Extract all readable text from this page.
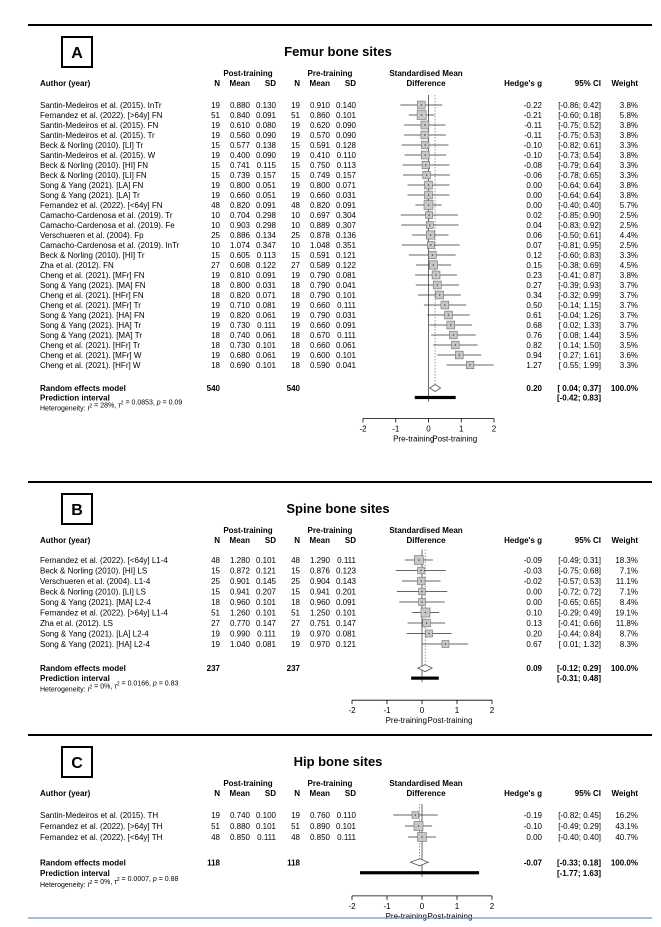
A	Femur bone sites
Post-training	Pre-training	Standardised Mean
Difference
Author (year)	N Mean SD N Mean SD	Hedge's g	95% CI Weight
Santin-Medeiros et al. (2015). InTr	19 0.880 0.130 19 0.910 0.140	-0.22 [-0.86; 0.42] 3.8%
Fernandez et al. (2022). [>64y] FN	51 0.840 0.091 51 0.860 0.101	-0.21 [-0.60; 0.18] 5.8%
Santin-Medeiros et al. (2015). FN	19 0.610 0.080 19 0.620 0.090	-0.11 [-0.75; 0.52] 3.8%
Santin-Medeiros et al. (2015). Tr	19 0.560 0.090 19 0.570 0.090	-0.11 [-0.75; 0.53] 3.8%
Beck & Norling (2010). [LI] Tr	15 0.577 0.138 15 0.591 0.128	-0.10 [-0.82; 0.61] 3.3%
Santin-Medeiros et al. (2015). W	19 0.400 0.090 19 0.410 0.110	-0.10 [-0.73; 0.54] 3.8%
Beck & Norling (2010). [HI] FN	15 0.741 0.115 15 0.750 0.113	-0.08 [-0.79; 0.64] 3.3%
Beck & Norling (2010). [LI] FN	15 0.739 0.157 15 0.749 0.157	-0.06 [-0.78; 0.65] 3.3%
Song & Yang (2021). [LA] FN	19 0.800 0.051 19 0.800 0.071	0.00 [-0.64; 0.64] 3.8%
Song & Yang (2021). [LA] Tr	19 0.660 0.051 19 0.660 0.031	0.00 [-0.64; 0.64] 3.8%
Fernandez et al. (2022). [<64y] FN	48 0.820 0.091 48 0.820 0.091	0.00 [-0.40; 0.40] 5.7%
Camacho-Cardenosa et al. (2019). Tr	10 0.704 0.298 10 0.697 0.304	0.02 [-0.85; 0.90] 2.5%
Camacho-Cardenosa et al. (2019). Fe	10 0.903 0.298 10 0.889 0.307	0.04 [-0.83; 0.92] 2.5%
Verschueren et al. (2004). Fp	25 0.886 0.134 25 0.878 0.136	0.06 [-0.50; 0.61] 4.4%
Camacho-Cardenosa et al. (2019). InTr	10 1.074 0.347 10 1.048 0.351	0.07 [-0.81; 0.95] 2.5%
Beck & Norling (2010). [HI] Tr	15 0.605 0.113 15 0.591 0.121	0.12 [-0.60; 0.83] 3.3%
Zha et al. (2012). FN	27 0.608 0.122 27 0.589 0.122	0.15 [-0.38; 0.69] 4.5%
Cheng et al. (2021). [MFr] FN	19 0.810 0.091 19 0.790 0.081	0.23 [-0.41; 0.87] 3.8%
Song & Yang (2021). [MA] FN	18 0.800 0.031 18 0.790 0.041	0.27 [-0.39; 0.93] 3.7%
Cheng et al. (2021). [HFr] FN	18 0.820 0.071 18 0.790 0.101	0.34 [-0.32; 0.99] 3.7%
Cheng et al. (2021). [MFr] Tr	19 0.710 0.081 19 0.660 0.111	0.50 [-0.14; 1.15] 3.7%
Song & Yang (2021). [HA] FN	19 0.820 0.061 19 0.790 0.031	0.61 [-0.04; 1.26] 3.7%
Song & Yang (2021). [HA] Tr	19 0.730 0.111 19 0.660 0.091	0.68 [ 0.02; 1.33] 3.7%
Song & Yang (2021). [MA] Tr	18 0.740 0.061 18 0.670 0.111	0.76 [ 0.08; 1.44] 3.5%
Cheng et al. (2021). [HFr] Tr	18 0.730 0.101 18 0.660 0.061	0.82 [ 0.14; 1.50] 3.5%
Cheng et al. (2021). [MFr] W	19 0.680 0.061 19 0.600 0.101	0.94 [ 0.27; 1.61] 3.6%
Cheng et al. (2021). [HFr] W	18 0.690 0.101 18 0.590 0.041	1.27 [ 0.55; 1.99] 3.3%
Random effects model	540	540	0.20 [ 0.04; 0.37] 100.0%
Prediction interval	[-0.42; 0.83]
Heterogeneity: $I^2 = 28\%$, $\tau^2 = 0.0853$, p = 0.09
-2	-1	0	1	2
Pre-training
Post-training
B	Spine bone sites
Post-training	Pre-training	Standardised Mean
Difference
Author (year)	N Mean SD N Mean SD	Hedge's g	95% CI Weight
Fernandez et al. (2022). [<64y] L1-4	48 1.280 0.101 48 1.290 0.111	-0.09 [-0.49; 0.31] 18.3%
Beck & Norling (2010). [HI] LS	15 0.872 0.121 15 0.876 0.123	-0.03 [-0.75; 0.68] 7.1%
Verschueren et al. (2004). L1-4	25 0.901 0.145 25 0.904 0.143	-0.02 [-0.57; 0.53] 11.1%
Beck & Norling (2010). [LI] LS	15 0.941 0.207 15 0.941 0.201	0.00 [-0.72; 0.72] 7.1%
Song & Yang (2021). [MA] L2-4	18 0.960 0.101 18 0.960 0.091	0.00 [-0.65; 0.65] 8.4%
Fernandez et al. (2022). [>64y] L1-4	51 1.260 0.101 51 1.250 0.101	0.10 [-0.29; 0.49] 19.1%
Zha et al. (2012). LS	27 0.770 0.147 27 0.751 0.147	0.13 [-0.41; 0.66] 11.8%
Song & Yang (2021). [LA] L2-4	19 0.990 0.111 19 0.970 0.081	0.20 [-0.44; 0.84] 8.7%
Song & Yang (2021). [HA] L2-4	19 1.040 0.081 19 0.970 0.121	0.67 [ 0.01; 1.32] 8.3%
Random effects model	237	237	0.09 [-0.12; 0.29] 100.0%
Prediction interval	[-0.31; 0.48]
Heterogeneity: $I^2 = 0\%$, $\tau^2 = 0.0166$, p = 0.83
-2	-1	0	1	2
Pre-training Post-training
C	Hip bone sites
Post-training	Pre-training	Standardised Mean
Difference
Author (year)	N Mean SD N Mean SD	Hedge's g	95% CI Weight
Santin-Medeiros et al. (2015). TH	19 0.740 0.100 19 0.760 0.110	-0.19 [-0.82; 0.45] 16.2%
Fernandez et al. (2022). [>64y] TH	51 0.880 0.101 51 0.890 0.101	-0.10 [-0.49; 0.29] 43.1%
Fernandez et al. (2022). [<64y] TH	48 0.850 0.111 48 0.850 0.111	0.00 [-0.40; 0.40] 40.7%
Random effects model	118	118	-0.07 [-0.33; 0.18] 100.0%
Prediction interval	[-1.77; 1.63]
Heterogeneity: $I^2 = 0\%$, $\tau^2 = 0.0007$, p = 0.88
-2	-1	0	1	2
Pre-training Post-training
